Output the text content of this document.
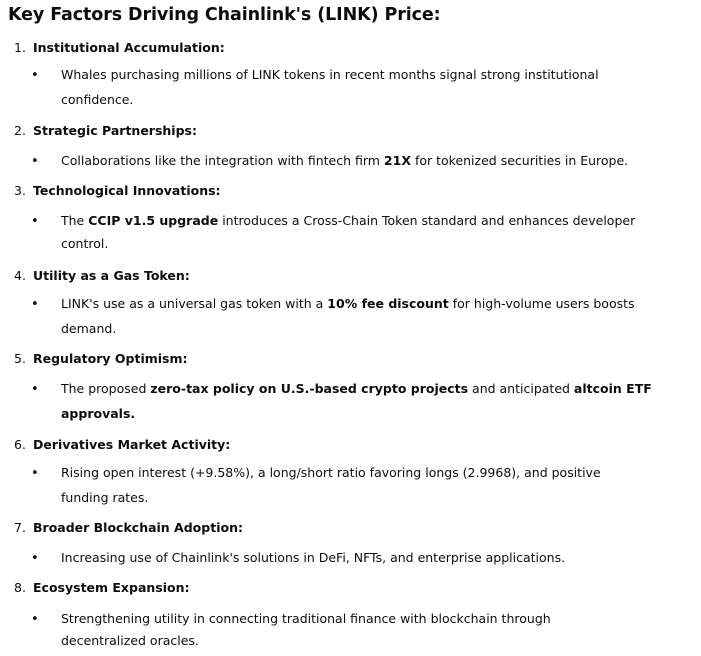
Key Factors Driving Chainlink's (LINK) Price:
1. Institutional Accumulation:
• Whales purchasing millions of LINK tokens in recent months signal strong institutional
confidence.
2. Strategic Partnerships:
• Collaborations like the integration with fintech firm 21X for tokenized securities in Europe.
3. Technological Innovations:
• The CCIP v1.5 upgrade introduces a Cross-Chain Token standard and enhances developer
control.
4. Utility as a Gas Token:
• LINK's use as a universal gas token with a 10% fee discount for high-volume users boosts
demand.
5. Regulatory Optimism:
• The proposed zero-tax policy on U.S.-based crypto projects and anticipated altcoin ETF
approvals.
6. Derivatives Market Activity:
• Rising open interest (+9.58%), a long/short ratio favoring longs (2.9968), and positive
funding rates.
7. Broader Blockchain Adoption:
• Increasing use of Chainlink's solutions in DeFi, NFTs, and enterprise applications.
8. Ecosystem Expansion:
• Strengthening utility in connecting traditional finance with blockchain through
decentralized oracles.
